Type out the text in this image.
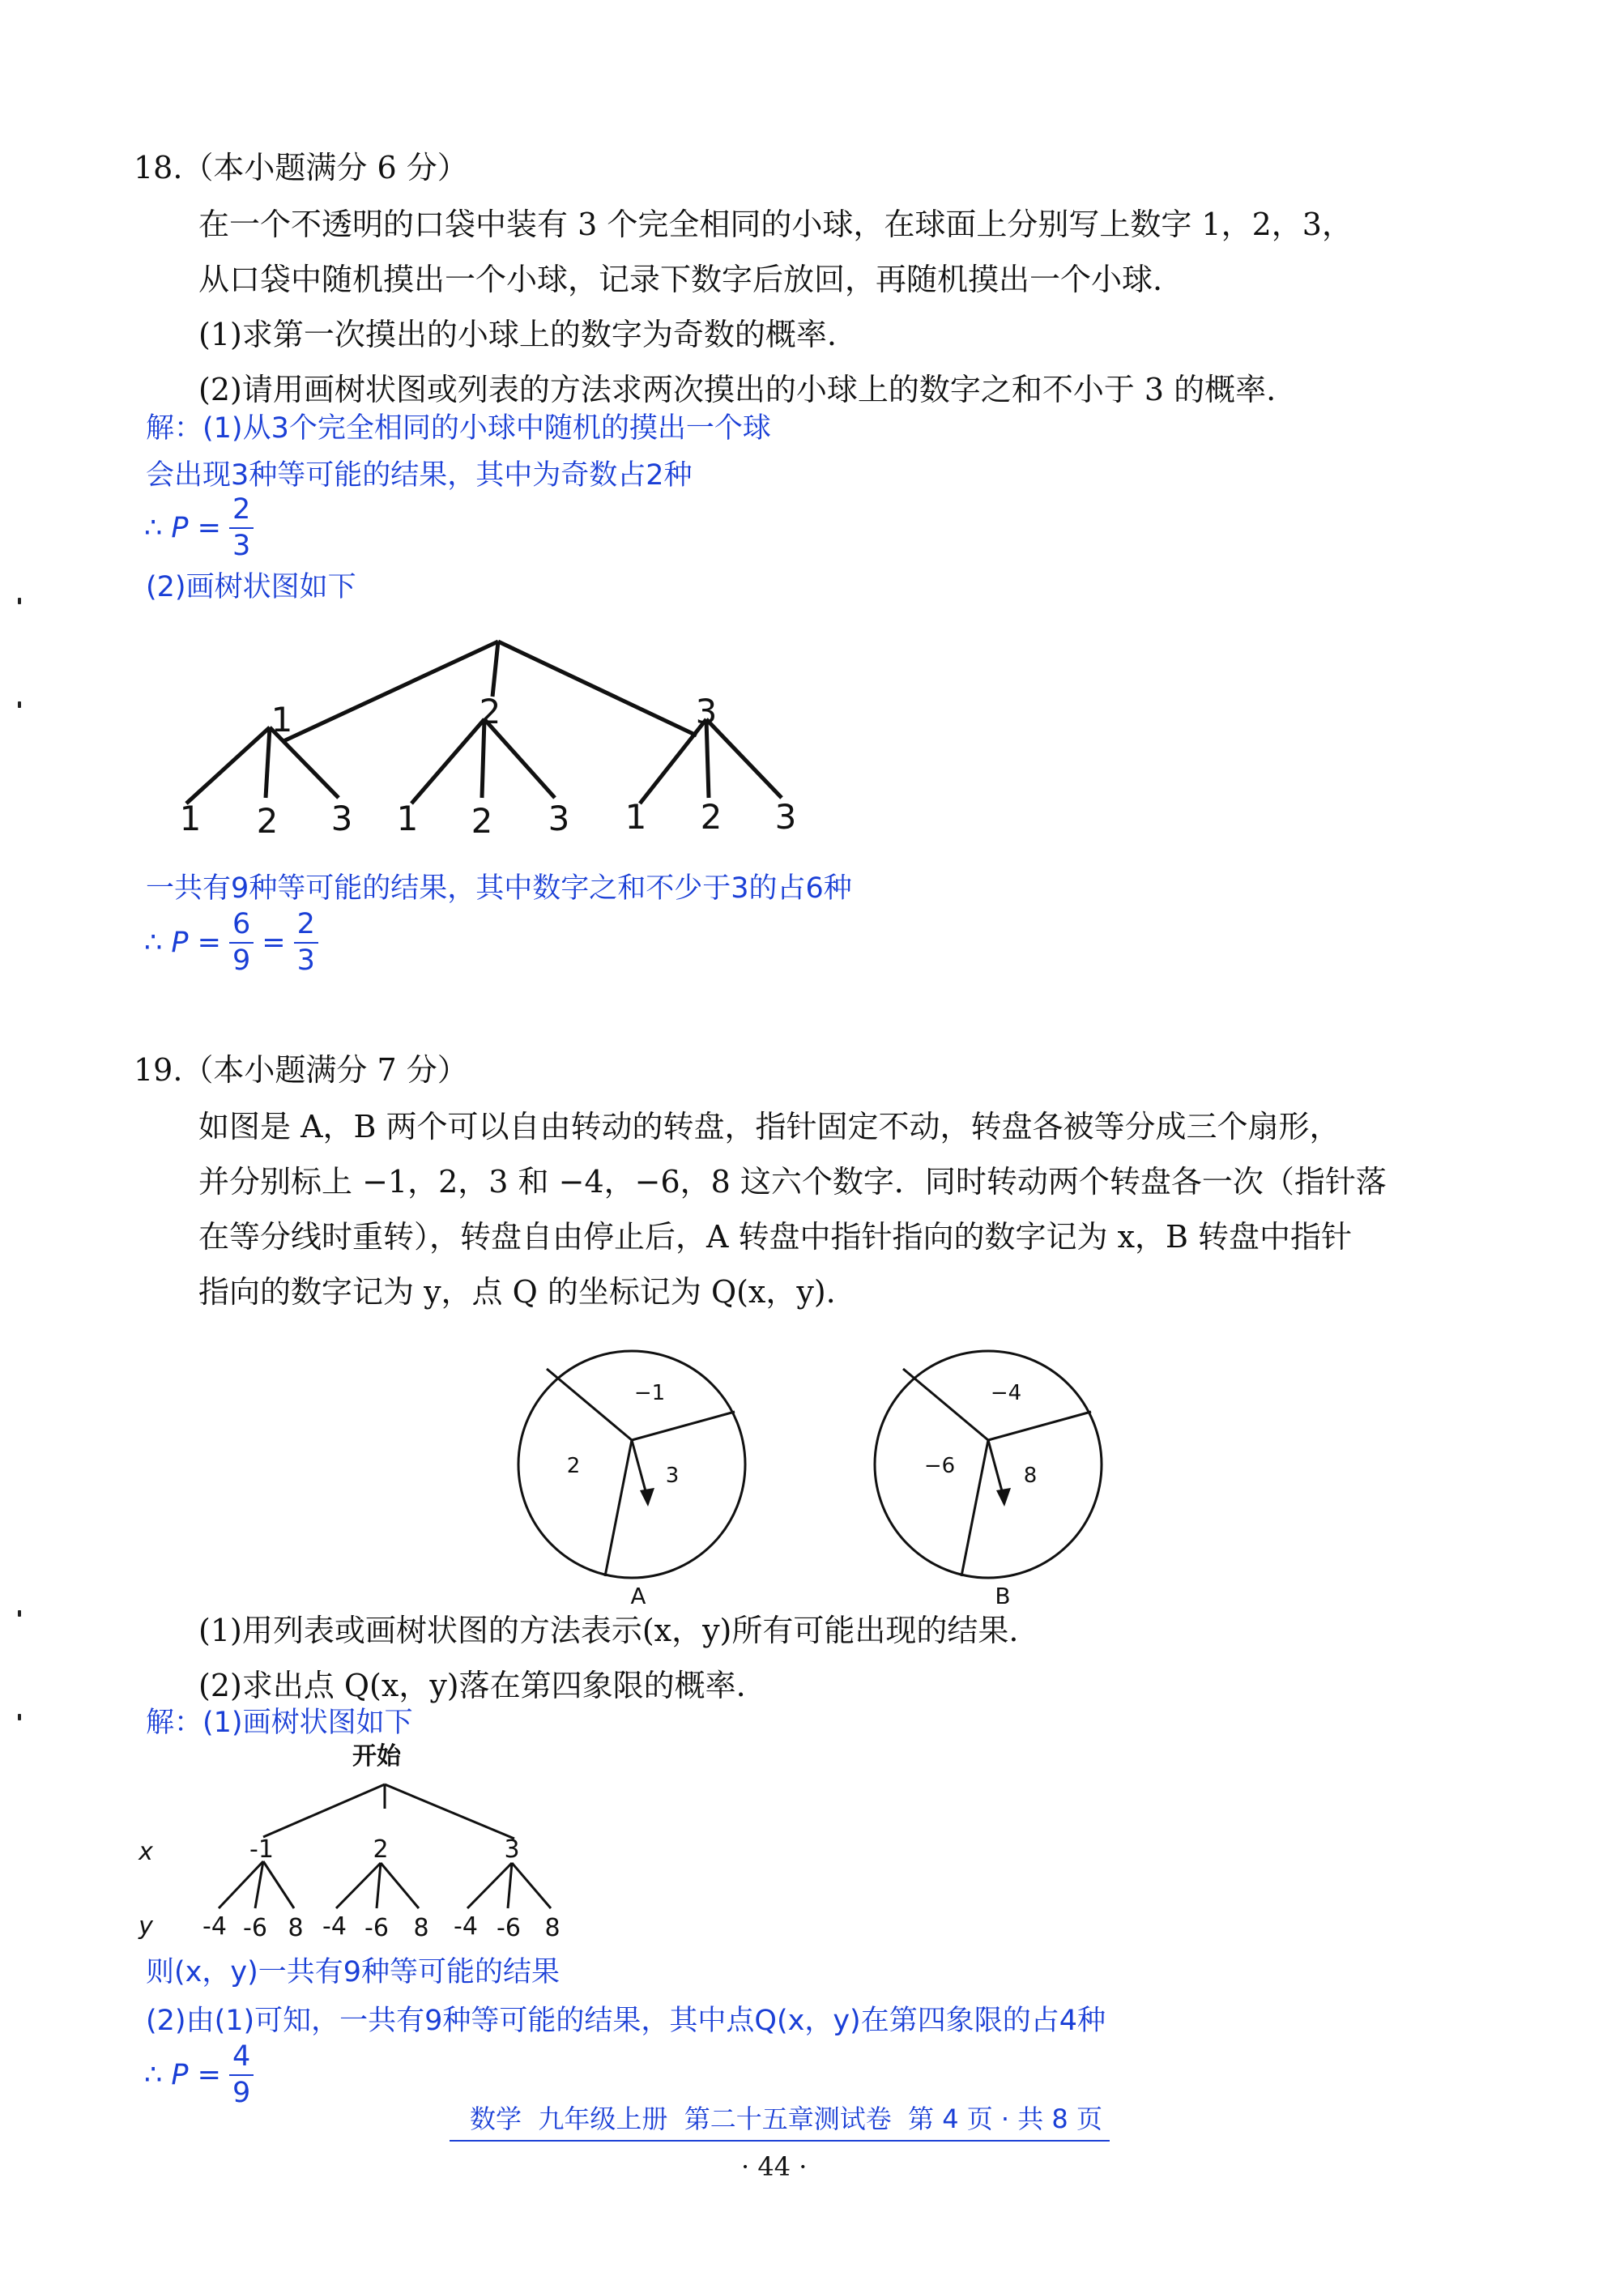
18.（本小题满分 6 分）
在一个不透明的口袋中装有 3 个完全相同的小球，在球面上分别写上数字 1，2，3，
从口袋中随机摸出一个小球，记录下数字后放回，再随机摸出一个小球.
(1)求第一次摸出的小球上的数字为奇数的概率.
(2)请用画树状图或列表的方法求两次摸出的小球上的数字之和不小于 3 的概率.
解：(1)从3个完全相同的小球中随机的摸出一个球
会出现3种等可能的结果，其中为奇数占2种
∴ $P = \frac{2}{3}$
(2)画树状图如下
1	2	3
1 2 3 1 2 3 1 2 3
一共有9种等可能的结果，其中数字之和不少于3的占6种
∴ $P = \frac{6}{9} = \frac{2}{3}$
19.（本小题满分 7 分）
如图是 A，B 两个可以自由转动的转盘，指针固定不动，转盘各被等分成三个扇形，
并分别标上 −1，2，3 和 −4，−6，8 这六个数字．同时转动两个转盘各一次（指针落
在等分线时重转），转盘自由停止后，A 转盘中指针指向的数字记为 x，B 转盘中指针
指向的数字记为 y，点 Q 的坐标记为 Q(x，y).
−1
2	3
A
−4
−6	8
B
(1)用列表或画树状图的方法表示(x，y)所有可能出现的结果.
(2)求出点 Q(x，y)落在第四象限的概率.
解：(1)画树状图如下
开始
x
y
-1	2	3
-4 -6 8 -4 -6 8 -4 -6 8
则(x，y)一共有9种等可能的结果
(2)由(1)可知，一共有9种等可能的结果，其中点Q(x，y)在第四象限的占4种
∴ $P = \frac{4}{9}$
数学  九年级上册  第二十五章测试卷  第 4 页 · 共 8 页
· 44 ·
